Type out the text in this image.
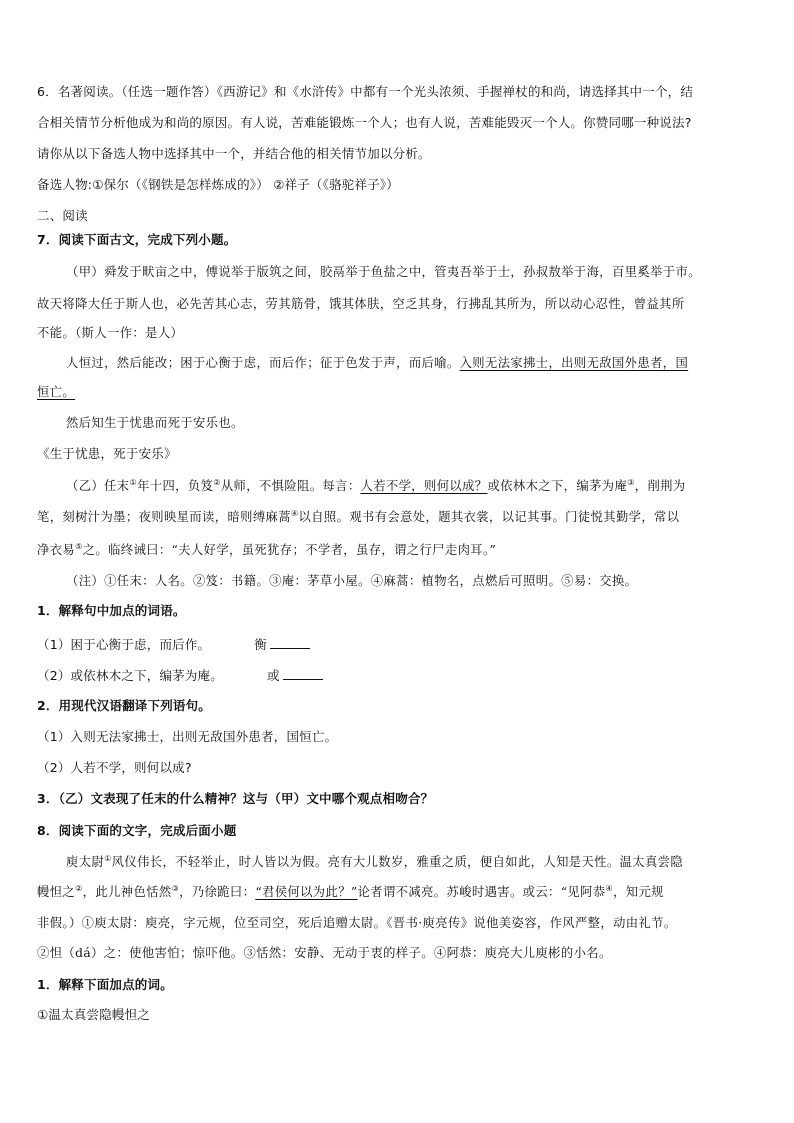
6．名著阅读。（任选一题作答）《西游记》和《水浒传》中都有一个光头浓须、手握禅杖的和尚，请选择其中一个，结
合相关情节分析他成为和尚的原因。有人说，苦难能锻炼一个人；也有人说，苦难能毁灭一个人。你赞同哪一种说法?
请你从以下备选人物中选择其中一个，并结合他的相关情节加以分析。
备选人物:①保尔（《钢铁是怎样炼成的》） ②祥子（《骆驼祥子》）
二、阅读
7．阅读下面古文，完成下列小题。
（甲）舜发于畎亩之中，傅说举于版筑之间，胶鬲举于鱼盐之中，管夷吾举于士，孙叔敖举于海，百里奚举于市。
故天将降大任于斯人也，必先苦其心志，劳其筋骨，饿其体肤，空乏其身，行拂乱其所为，所以动心忍性，曾益其所
不能。（斯人一作：是人）
人恒过，然后能改；困于心衡于虑，而后作；征于色发于声，而后喻。入则无法家拂士，出则无敌国外患者，国
恒亡。
然后知生于忧患而死于安乐也。
《生于忧患，死于安乐》
（乙）任末①年十四，负笈②从师，不惧险阻。每言：人若不学，则何以成？或依林木之下，编茅为庵③，削荆为
笔，刻树汁为墨；夜则映星而读，暗则缚麻蒿④以自照。观书有会意处，题其衣裳，以记其事。门徒悦其勤学，常以
净衣易⑤之。临终诫曰：“夫人好学，虽死犹存；不学者，虽存，谓之行尸走肉耳。”
（注）①任末：人名。②笈：书籍。③庵：茅草小屋。④麻蒿：植物名，点燃后可照明。⑤易：交换。
1．解释句中加点的词语。
（1）困于心衡于虑，而后作。	衡
（2）或依林木之下，编茅为庵。	或
2．用现代汉语翻译下列语句。
（1）入则无法家拂士，出则无敌国外患者，国恒亡。
（2）人若不学，则何以成?
3．（乙）文表现了任末的什么精神？这与（甲）文中哪个观点相吻合？
8．阅读下面的文字，完成后面小题
庾太尉①风仪伟长，不轻举止，时人皆以为假。亮有大儿数岁，雅重之质，便自如此，人知是天性。温太真尝隐
幔怛之②，此儿神色恬然③，乃徐跪曰：“君侯何以为此？”论者谓不减亮。苏峻时遇害。或云：“见阿恭④，知元规
非假。）①庾太尉：庾亮，字元规，位至司空，死后追赠太尉。《晋书·庾亮传》说他美姿容，作风严整，动由礼节。
②怛（dá）之：使他害怕；惊吓他。③恬然：安静、无动于衷的样子。④阿恭：庾亮大儿庾彬的小名。
1．解释下面加点的词。
①温太真尝隐幔怛之
